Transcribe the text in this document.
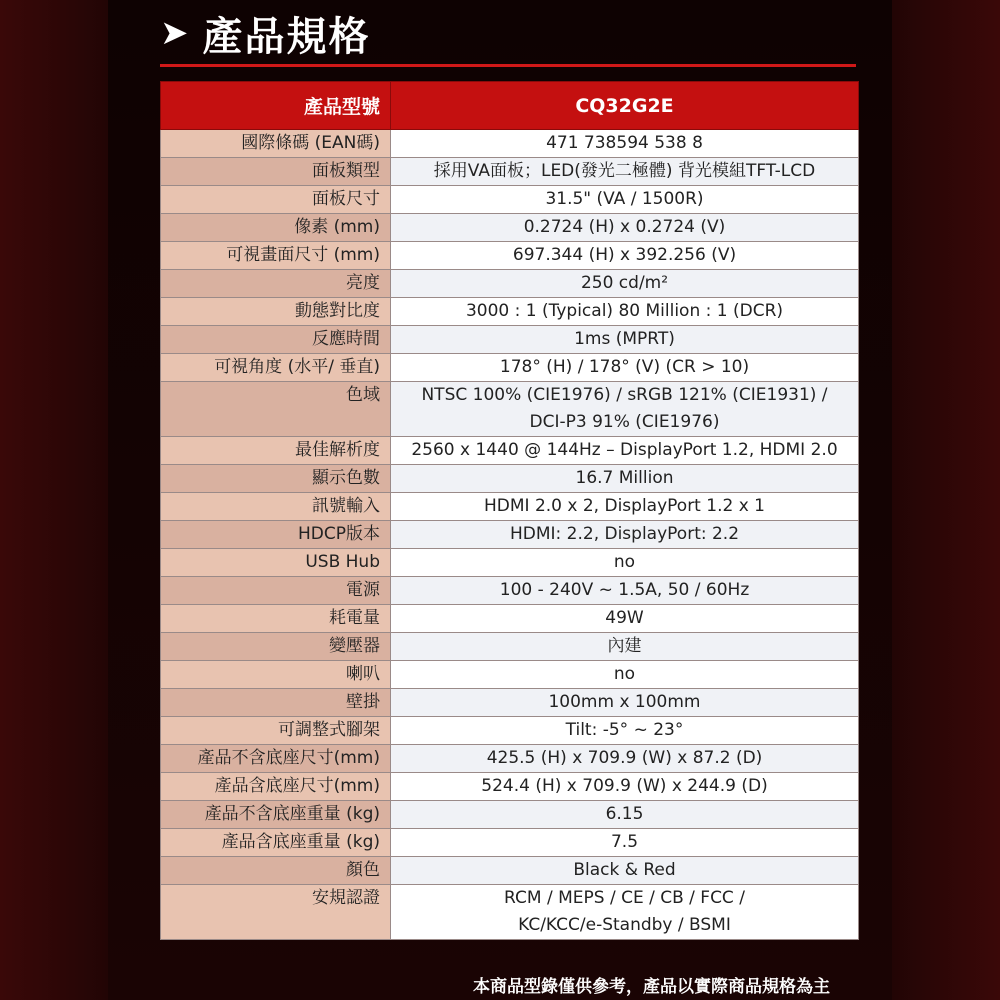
➤ 產品規格
產品型號	CQ32G2E
國際條碼 (EAN碼)	471 738594 538 8
面板類型	採用VA面板；LED(發光二極體) 背光模組TFT-LCD
面板尺寸	31.5" (VA / 1500R)
像素 (mm)	0.2724 (H) x 0.2724 (V)
可視畫面尺寸 (mm)	697.344 (H) x 392.256 (V)
亮度	250 cd/m²
動態對比度	3000 : 1 (Typical) 80 Million : 1 (DCR)
反應時間	1ms (MPRT)
可視角度 (水平/ 垂直)	178° (H) / 178° (V) (CR > 10)
色域	NTSC 100% (CIE1976) / sRGB 121% (CIE1931) /
DCI-P3 91% (CIE1976)

最佳解析度	2560 x 1440 @ 144Hz – DisplayPort 1.2, HDMI 2.0
顯示色數	16.7 Million
訊號輸入	HDMI 2.0 x 2, DisplayPort 1.2 x 1
HDCP版本	HDMI: 2.2, DisplayPort: 2.2
USB Hub	no
電源	100 - 240V ~ 1.5A, 50 / 60Hz
耗電量	49W
變壓器	內建
喇叭	no
壁掛	100mm x 100mm
可調整式腳架	Tilt: -5° ~ 23°
產品不含底座尺寸(mm)	425.5 (H) x 709.9 (W) x 87.2 (D)
產品含底座尺寸(mm)	524.4 (H) x 709.9 (W) x 244.9 (D)
產品不含底座重量 (kg)	6.15
產品含底座重量 (kg)	7.5
顏色	Black & Red
安規認證	RCM / MEPS / CE / CB / FCC /
KC/KCC/e-Standby / BSMI
本商品型錄僅供參考，產品以實際商品規格為主
